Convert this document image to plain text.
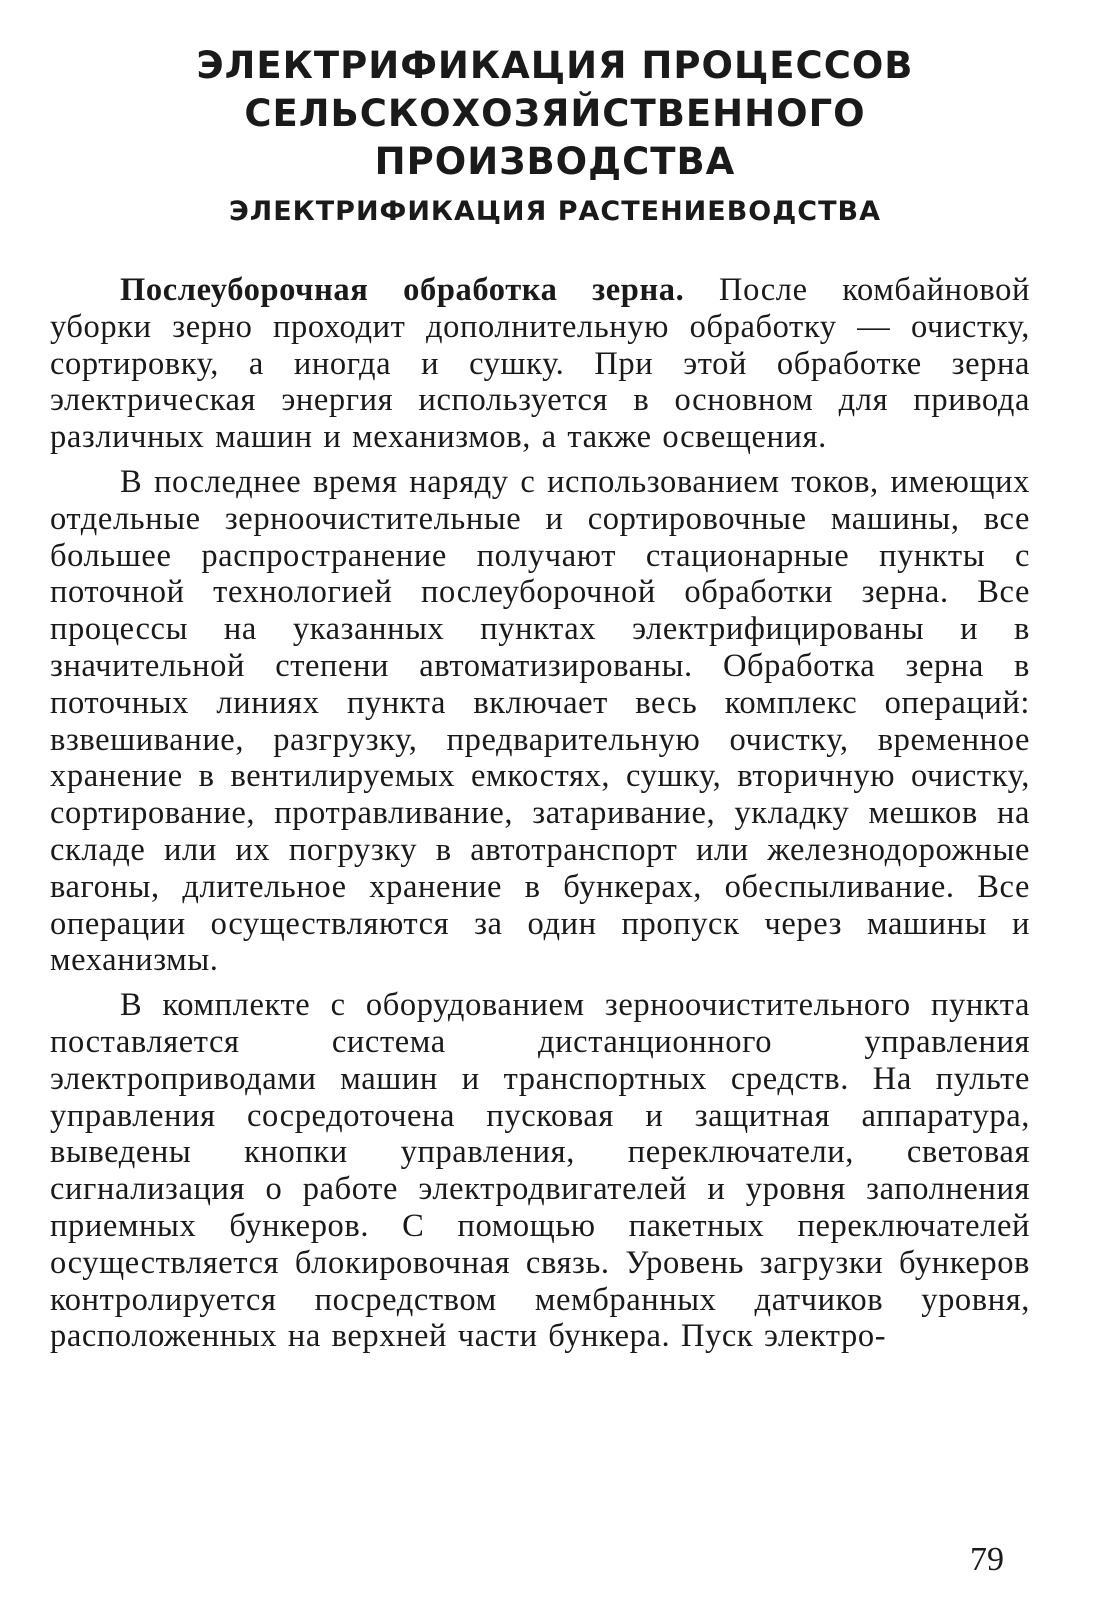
ЭЛЕКТРИФИКАЦИЯ ПРОЦЕССОВ
СЕЛЬСКОХОЗЯЙСТВЕННОГО ПРОИЗВОДСТВА
ЭЛЕКТРИФИКАЦИЯ РАСТЕНИЕВОДСТВА

Послеуборочная обработка зерна. После комбайновой уборки зерно проходит дополнительную обработку — очистку, сортировку, а иногда и сушку. При этой обработке зерна электрическая энергия используется в основном для привода различных машин и механизмов, а также освещения.

В последнее время наряду с использованием токов, имеющих отдельные зерноочистительные и сортировочные машины, все большее распространение получают стационарные пункты с поточной технологией послеуборочной обработки зерна. Все процессы на указанных пунктах электрифицированы и в значительной степени автоматизированы. Обработка зерна в поточных линиях пункта включает весь комплекс операций: взвешивание, разгрузку, предварительную очистку, временное хранение в вентилируемых емкостях, сушку, вторичную очистку, сортирование, протравливание, затаривание, укладку мешков на складе или их погрузку в автотранспорт или железнодорожные вагоны, длительное хранение в бункерах, обеспыливание. Все операции осуществляются за один пропуск через машины и механизмы.

В комплекте с оборудованием зерноочистительного пункта поставляется система дистанционного управления электроприводами машин и транспортных средств. На пульте управления сосредоточена пусковая и защитная аппаратура, выведены кнопки управления, переключатели, световая сигнализация о работе электродвигателей и уровня заполнения приемных бункеров. С помощью пакетных переключателей осуществляется блокировочная связь. Уровень загрузки бункеров контролируется посредством мембранных датчиков уровня, расположенных на верхней части бункера. Пуск электро-

79
